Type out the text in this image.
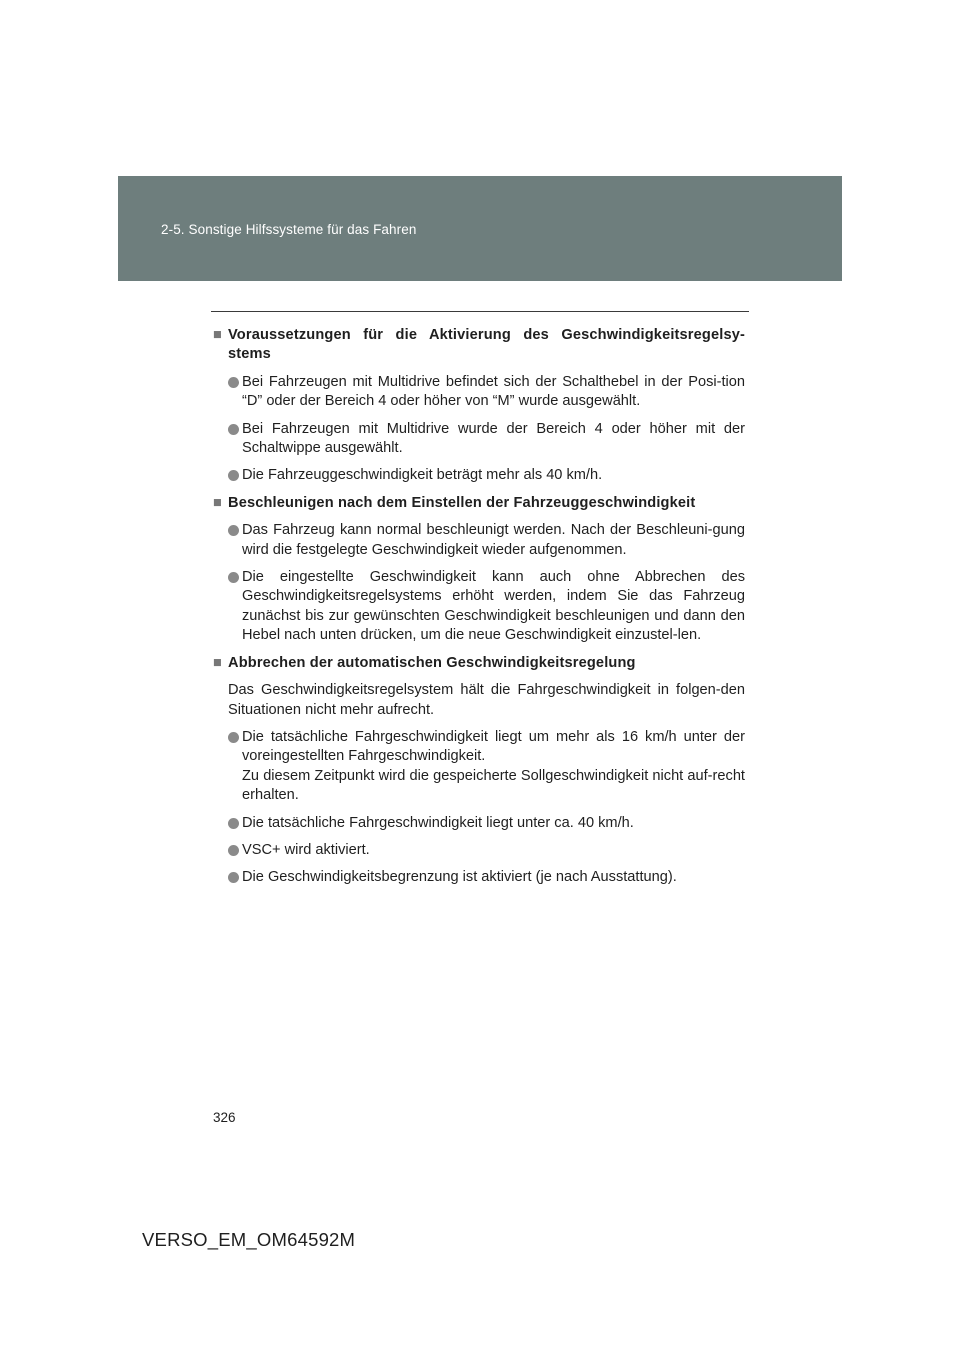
2-5. Sonstige Hilfssysteme für das Fahren
■ Voraussetzungen für die Aktivierung des Geschwindigkeitsregelsy-stems
Bei Fahrzeugen mit Multidrive befindet sich der Schalthebel in der Posi-tion “D” oder der Bereich 4 oder höher von “M” wurde ausgewählt.
Bei Fahrzeugen mit Multidrive wurde der Bereich 4 oder höher mit der Schaltwippe ausgewählt.
Die Fahrzeuggeschwindigkeit beträgt mehr als 40 km/h.
■ Beschleunigen nach dem Einstellen der Fahrzeuggeschwindigkeit
Das Fahrzeug kann normal beschleunigt werden. Nach der Beschleuni-gung wird die festgelegte Geschwindigkeit wieder aufgenommen.
Die eingestellte Geschwindigkeit kann auch ohne Abbrechen des Geschwindigkeitsregelsystems erhöht werden, indem Sie das Fahrzeug zunächst bis zur gewünschten Geschwindigkeit beschleunigen und dann den Hebel nach unten drücken, um die neue Geschwindigkeit einzustel-len.
■ Abbrechen der automatischen Geschwindigkeitsregelung
Das Geschwindigkeitsregelsystem hält die Fahrgeschwindigkeit in folgen-den Situationen nicht mehr aufrecht.
Die tatsächliche Fahrgeschwindigkeit liegt um mehr als 16 km/h unter der voreingestellten Fahrgeschwindigkeit.
Zu diesem Zeitpunkt wird die gespeicherte Sollgeschwindigkeit nicht auf-recht erhalten.
Die tatsächliche Fahrgeschwindigkeit liegt unter ca. 40 km/h.
VSC+ wird aktiviert.
Die Geschwindigkeitsbegrenzung ist aktiviert (je nach Ausstattung).
326
VERSO_EM_OM64592M
